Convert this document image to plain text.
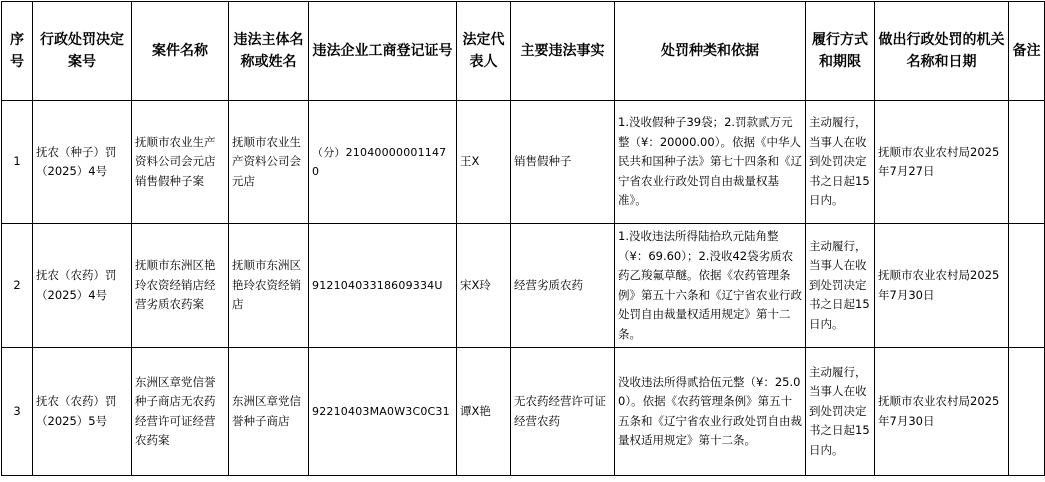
序号	行政处罚决定案号	案件名称	违法主体名称或姓名	违法企业工商登记证号	法定代表人	主要违法事实	处罚种类和依据	履行方式和期限	做出行政处罚的机关名称和日期	备注
1	抚农（种子）罚（2025）4号	抚顺市农业生产资料公司会元店销售假种子案	抚顺市农业生产资料公司会元店	（分）210400000011470	王X	销售假种子	1.没收假种子39袋；2.罚款贰万元整（¥：20000.00）。依据《中华人民共和国种子法》第七十四条和《辽宁省农业行政处罚自由裁量权基准》。	主动履行，当事人在收到处罚决定书之日起15日内。	抚顺市农业农村局2025年7月27日	
2	抚农（农药）罚（2025）4号	抚顺市东洲区艳玲农资经销店经营劣质农药案	抚顺市东洲区艳玲农资经销店	91210403318609334U	宋X玲	经营劣质农药	1.没收违法所得陆拾玖元陆角整（¥：69.60）；2.没收42袋劣质农药乙羧氟草醚。依据《农药管理条例》第五十六条和《辽宁省农业行政处罚自由裁量权适用规定》第十二条。	主动履行，当事人在收到处罚决定书之日起15日内。	抚顺市农业农村局2025年7月30日	
3	抚农（农药）罚（2025）5号	东洲区章党信誉种子商店无农药经营许可证经营农药案	东洲区章党信誉种子商店	92210403MA0W3C0C31	谭X艳	无农药经营许可证经营农药	没收违法所得贰拾伍元整（¥：25.00）。依据《农药管理条例》第五十五条和《辽宁省农业行政处罚自由裁量权适用规定》第十二条。	主动履行，当事人在收到处罚决定书之日起15日内。	抚顺市农业农村局2025年7月30日	
